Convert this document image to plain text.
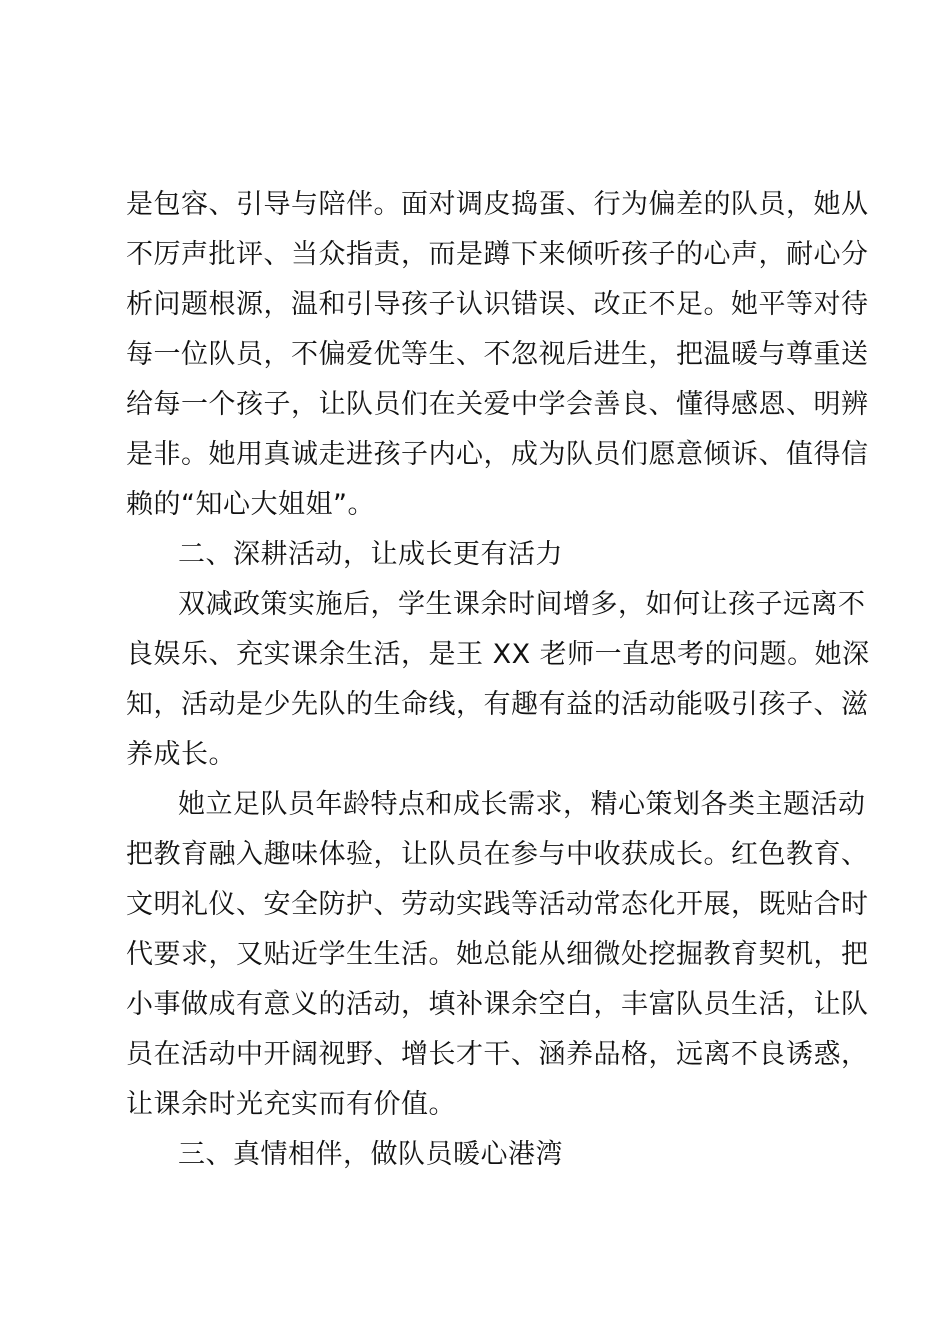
是包容、引导与陪伴。面对调皮捣蛋、行为偏差的队员，她从
不厉声批评、当众指责，而是蹲下来倾听孩子的心声，耐心分
析问题根源，温和引导孩子认识错误、改正不足。她平等对待
每一位队员，不偏爱优等生、不忽视后进生，把温暖与尊重送
给每一个孩子，让队员们在关爱中学会善良、懂得感恩、明辨
是非。她用真诚走进孩子内心，成为队员们愿意倾诉、值得信
赖的“知心大姐姐”。
二、深耕活动，让成长更有活力
双减政策实施后，学生课余时间增多，如何让孩子远离不
良娱乐、充实课余生活，是王 XX 老师一直思考的问题。她深
知，活动是少先队的生命线，有趣有益的活动能吸引孩子、滋
养成长。
她立足队员年龄特点和成长需求，精心策划各类主题活动
把教育融入趣味体验，让队员在参与中收获成长。红色教育、
文明礼仪、安全防护、劳动实践等活动常态化开展，既贴合时
代要求，又贴近学生生活。她总能从细微处挖掘教育契机，把
小事做成有意义的活动，填补课余空白，丰富队员生活，让队
员在活动中开阔视野、增长才干、涵养品格，远离不良诱惑，
让课余时光充实而有价值。
三、真情相伴，做队员暖心港湾
